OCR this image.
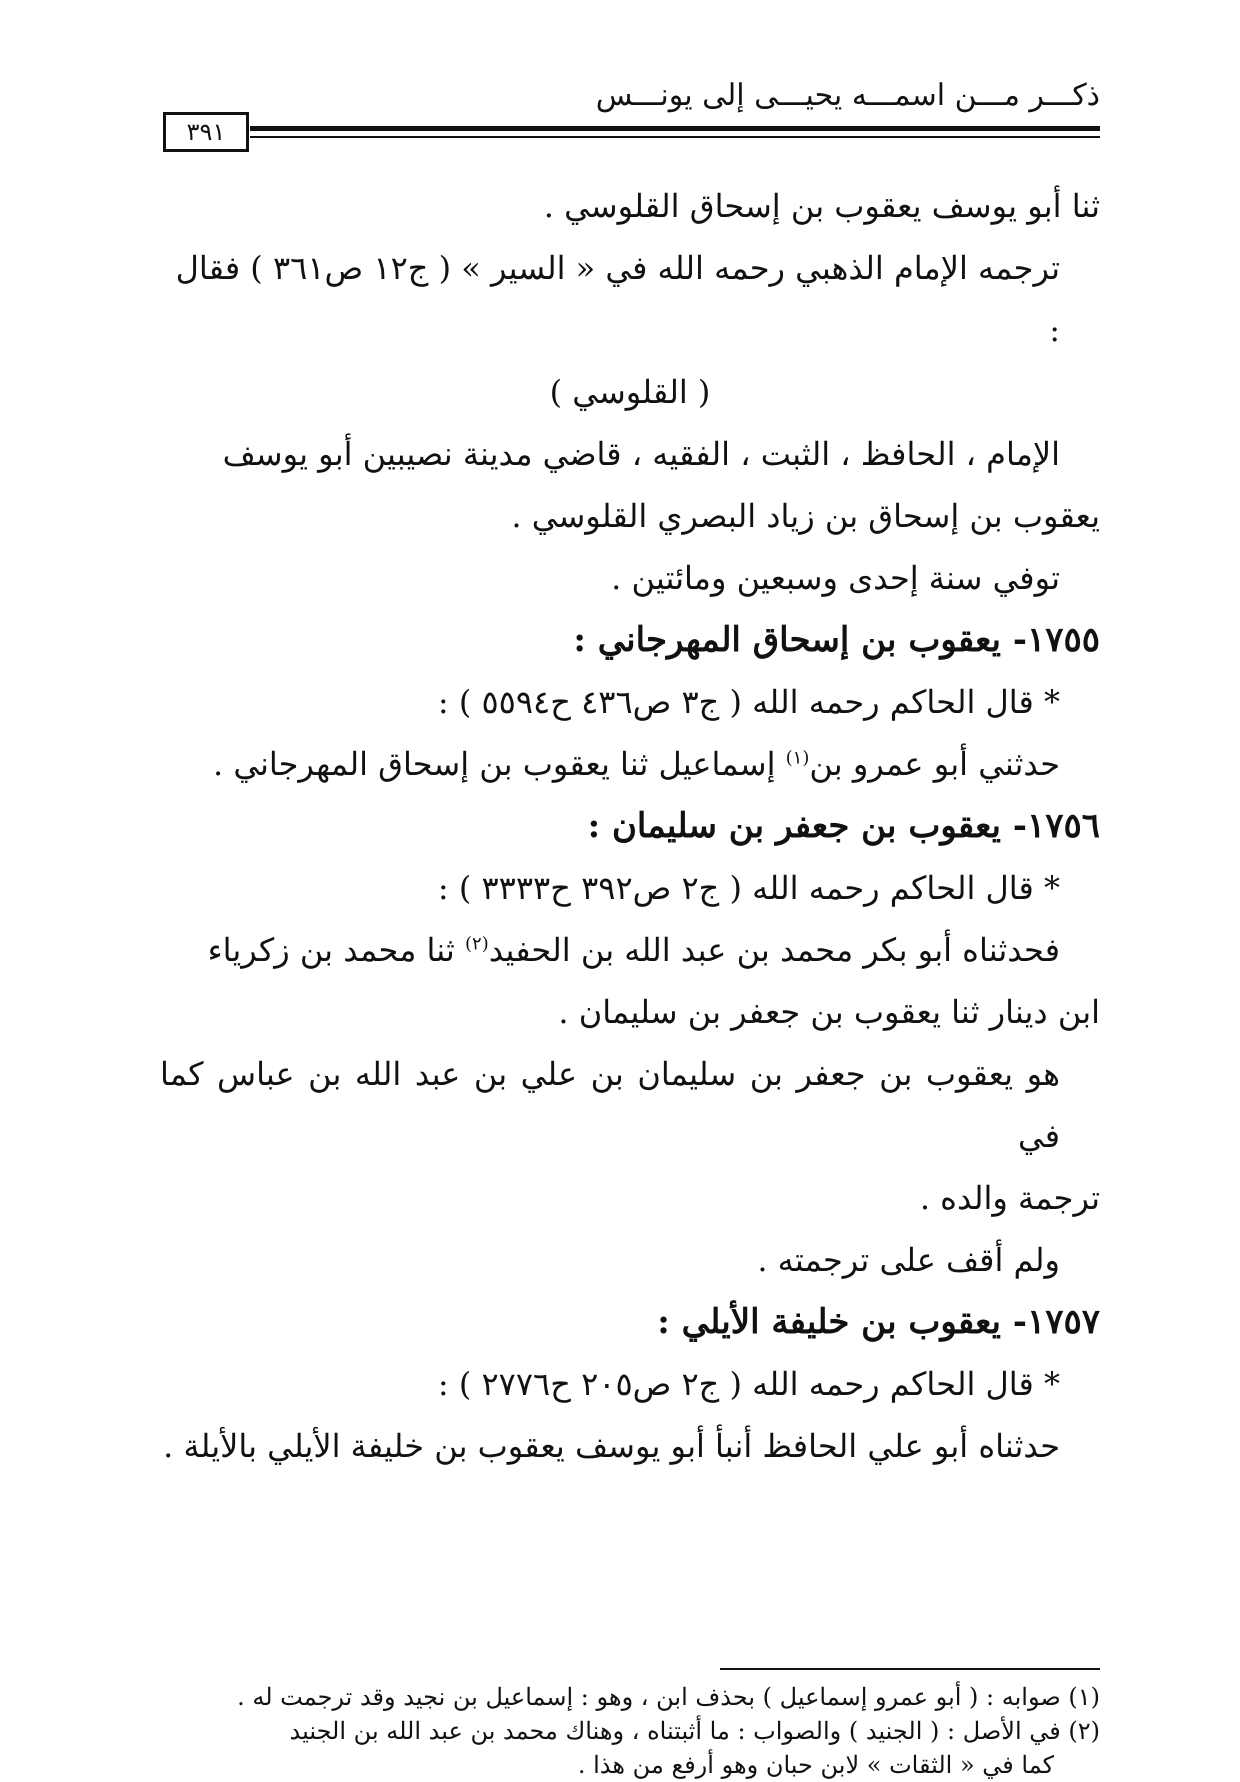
ذكـــر مـــن اسمـــه يحيـــى إلى يونـــس
٣٩١

ثنا أبو يوسف يعقوب بن إسحاق القلوسي .

ترجمه الإمام الذهبي رحمه الله في « السير » ( ج١٢ ص٣٦١ ) فقال :

( القلوسي )

الإمام ، الحافظ ، الثبت ، الفقيه ، قاضي مدينة نصيبين أبو يوسف

يعقوب بن إسحاق بن زياد البصري القلوسي .

توفي سنة إحدى وسبعين ومائتين .

١٧٥٥- يعقوب بن إسحاق المهرجاني :

* قال الحاكم رحمه الله ( ج٣ ص٤٣٦ ح٥٥٩٤ ) :

حدثني أبو عمرو بن$^{(١)}$ إسماعيل ثنا يعقوب بن إسحاق المهرجاني .

١٧٥٦- يعقوب بن جعفر بن سليمان :

* قال الحاكم رحمه الله ( ج٢ ص٣٩٢ ح٣٣٣٣ ) :

فحدثناه أبو بكر محمد بن عبد الله بن الحفيد$^{(٢)}$ ثنا محمد بن زكرياء

ابن دينار ثنا يعقوب بن جعفر بن سليمان .

هو يعقوب بن جعفر بن سليمان بن علي بن عبد الله بن عباس كما في

ترجمة والده .

ولم أقف على ترجمته .

١٧٥٧- يعقوب بن خليفة الأيلي :

* قال الحاكم رحمه الله ( ج٢ ص٢٠٥ ح٢٧٧٦ ) :

حدثناه أبو علي الحافظ أنبأ أبو يوسف يعقوب بن خليفة الأيلي بالأيلة .

(١) صوابه : ( أبو عمرو إسماعيل ) بحذف ابن ، وهو : إسماعيل بن نجيد وقد ترجمت له .

(٢) في الأصل : ( الجنيد ) والصواب : ما أثبتناه ، وهناك محمد بن عبد الله بن الجنيد

كما في « الثقات » لابن حبان وهو أرفع من هذا .
